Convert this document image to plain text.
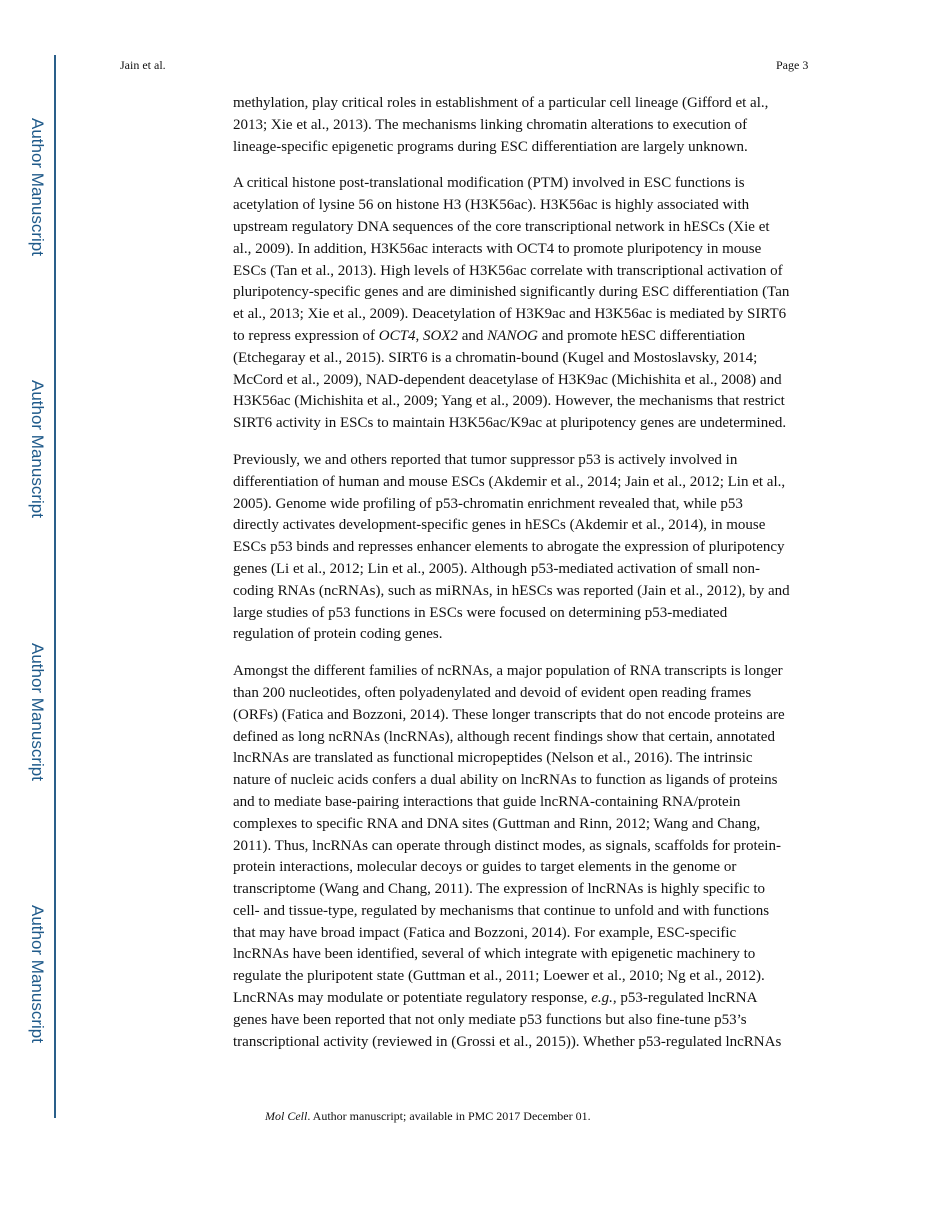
Author Manuscript
Author Manuscript
Author Manuscript
Author Manuscript
Jain et al.	Page 3

methylation, play critical roles in establishment of a particular cell lineage (Gifford et al.,
2013; Xie et al., 2013). The mechanisms linking chromatin alterations to execution of
lineage-specific epigenetic programs during ESC differentiation are largely unknown.

A critical histone post-translational modification (PTM) involved in ESC functions is
acetylation of lysine 56 on histone H3 (H3K56ac). H3K56ac is highly associated with
upstream regulatory DNA sequences of the core transcriptional network in hESCs (Xie et
al., 2009). In addition, H3K56ac interacts with OCT4 to promote pluripotency in mouse
ESCs (Tan et al., 2013). High levels of H3K56ac correlate with transcriptional activation of
pluripotency-specific genes and are diminished significantly during ESC differentiation (Tan
et al., 2013; Xie et al., 2009). Deacetylation of H3K9ac and H3K56ac is mediated by SIRT6
to repress expression of OCT4, SOX2 and NANOG and promote hESC differentiation
(Etchegaray et al., 2015). SIRT6 is a chromatin-bound (Kugel and Mostoslavsky, 2014;
McCord et al., 2009), NAD-dependent deacetylase of H3K9ac (Michishita et al., 2008) and
H3K56ac (Michishita et al., 2009; Yang et al., 2009). However, the mechanisms that restrict
SIRT6 activity in ESCs to maintain H3K56ac/K9ac at pluripotency genes are undetermined.

Previously, we and others reported that tumor suppressor p53 is actively involved in
differentiation of human and mouse ESCs (Akdemir et al., 2014; Jain et al., 2012; Lin et al.,
2005). Genome wide profiling of p53-chromatin enrichment revealed that, while p53
directly activates development-specific genes in hESCs (Akdemir et al., 2014), in mouse
ESCs p53 binds and represses enhancer elements to abrogate the expression of pluripotency
genes (Li et al., 2012; Lin et al., 2005). Although p53-mediated activation of small non-
coding RNAs (ncRNAs), such as miRNAs, in hESCs was reported (Jain et al., 2012), by and
large studies of p53 functions in ESCs were focused on determining p53-mediated
regulation of protein coding genes.

Amongst the different families of ncRNAs, a major population of RNA transcripts is longer
than 200 nucleotides, often polyadenylated and devoid of evident open reading frames
(ORFs) (Fatica and Bozzoni, 2014). These longer transcripts that do not encode proteins are
defined as long ncRNAs (lncRNAs), although recent findings show that certain, annotated
lncRNAs are translated as functional micropeptides (Nelson et al., 2016). The intrinsic
nature of nucleic acids confers a dual ability on lncRNAs to function as ligands of proteins
and to mediate base-pairing interactions that guide lncRNA-containing RNA/protein
complexes to specific RNA and DNA sites (Guttman and Rinn, 2012; Wang and Chang,
2011). Thus, lncRNAs can operate through distinct modes, as signals, scaffolds for protein-
protein interactions, molecular decoys or guides to target elements in the genome or
transcriptome (Wang and Chang, 2011). The expression of lncRNAs is highly specific to
cell- and tissue-type, regulated by mechanisms that continue to unfold and with functions
that may have broad impact (Fatica and Bozzoni, 2014). For example, ESC-specific
lncRNAs have been identified, several of which integrate with epigenetic machinery to
regulate the pluripotent state (Guttman et al., 2011; Loewer et al., 2010; Ng et al., 2012).
LncRNAs may modulate or potentiate regulatory response, e.g., p53-regulated lncRNA
genes have been reported that not only mediate p53 functions but also fine-tune p53’s
transcriptional activity (reviewed in (Grossi et al., 2015)). Whether p53-regulated lncRNAs

Mol Cell. Author manuscript; available in PMC 2017 December 01.
